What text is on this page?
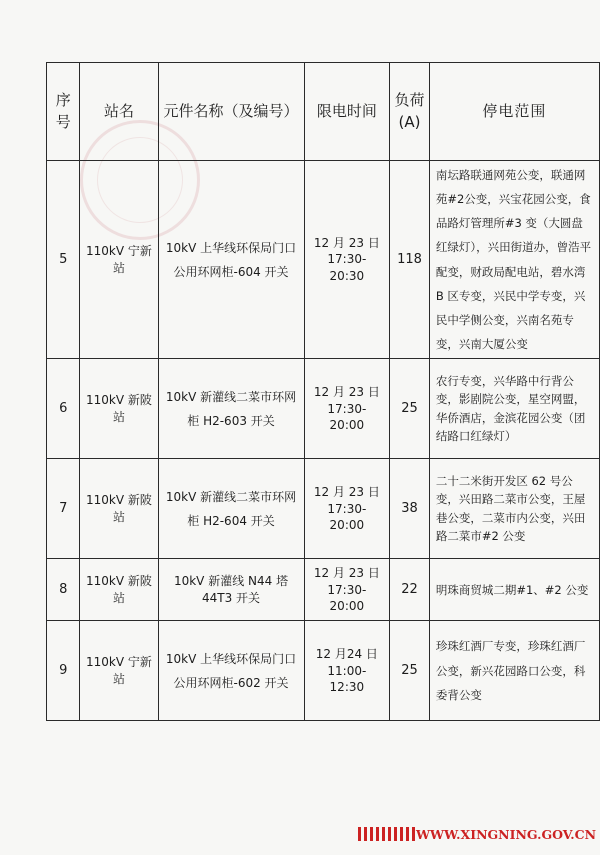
序号	站名	元件名称（及编号）	限电时间	负荷(A)	停电范围
5	110kV 宁新站	10kV 上华线环保局门口公用环网柜-604 开关	12 月 23 日 17:30- 20:30	118	南坛路联通网苑公变，联通网苑#2公变，兴宝花园公变，食品路灯管理所#3 变（大圆盘红绿灯），兴田街道办，曾浩平配变，财政局配电站，碧水湾 B 区专变，兴民中学专变，兴民中学侧公变，兴南名苑专变，兴南大厦公变
6	110kV 新陂站	10kV 新灌线二菜市环网柜 H2-603 开关	12 月 23 日 17:30- 20:00	25	农行专变，兴华路中行背公变，影剧院公变，星空网盟，华侨酒店，金滨花园公变（团结路口红绿灯）
7	110kV 新陂站	10kV 新灌线二菜市环网柜 H2-604 开关	12 月 23 日 17:30- 20:00	38	二十二米街开发区 62 号公变，兴田路二菜市公变，王屋巷公变，二菜市内公变，兴田路二菜市#2 公变
8	110kV 新陂站	10kV 新灌线 N44 塔 44T3 开关	12 月 23 日 17:30- 20:00	22	明珠商贸城二期#1、#2 公变
9	110kV 宁新站	10kV 上华线环保局门口公用环网柜-602 开关	12 月24 日 11:00- 12:30	25	珍珠红酒厂专变，珍珠红酒厂公变，新兴花园路口公变，科委背公变
WWW.XINGNING.GOV.CN
